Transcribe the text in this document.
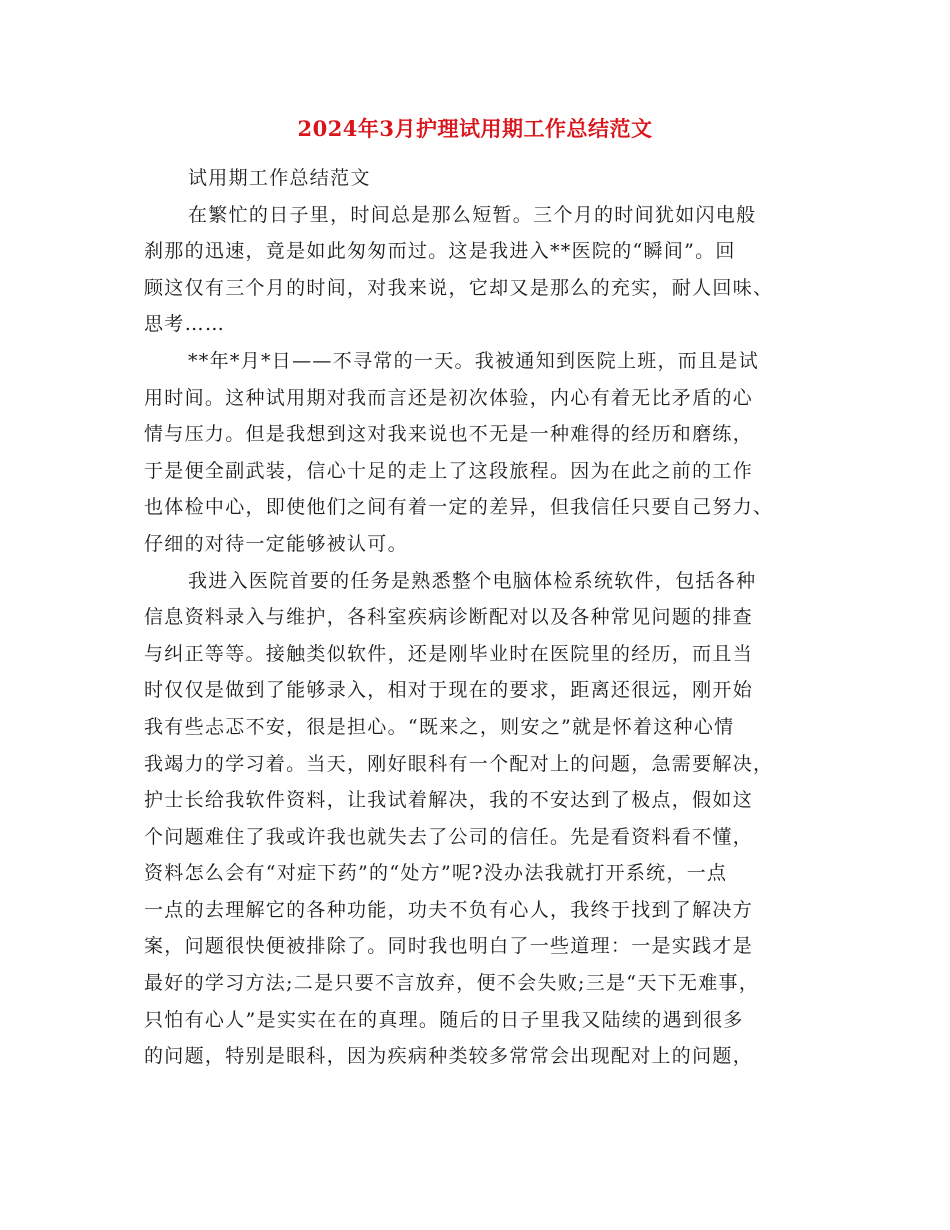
2024年3月护理试用期工作总结范文
试用期工作总结范文
在繁忙的日子里，时间总是那么短暂。三个月的时间犹如闪电般
刹那的迅速，竟是如此匆匆而过。这是我进入**医院的“瞬间”。回
顾这仅有三个月的时间，对我来说，它却又是那么的充实，耐人回味、
思考……
**年*月*日——不寻常的一天。我被通知到医院上班，而且是试
用时间。这种试用期对我而言还是初次体验，内心有着无比矛盾的心
情与压力。但是我想到这对我来说也不无是一种难得的经历和磨练，
于是便全副武装，信心十足的走上了这段旅程。因为在此之前的工作
也体检中心，即使他们之间有着一定的差异，但我信任只要自己努力、
仔细的对待一定能够被认可。
我进入医院首要的任务是熟悉整个电脑体检系统软件，包括各种
信息资料录入与维护，各科室疾病诊断配对以及各种常见问题的排查
与纠正等等。接触类似软件，还是刚毕业时在医院里的经历，而且当
时仅仅是做到了能够录入，相对于现在的要求，距离还很远，刚开始
我有些忐忑不安，很是担心。“既来之，则安之”就是怀着这种心情
我竭力的学习着。当天，刚好眼科有一个配对上的问题，急需要解决，
护士长给我软件资料，让我试着解决，我的不安达到了极点，假如这
个问题难住了我或许我也就失去了公司的信任。先是看资料看不懂，
资料怎么会有“对症下药”的“处方”呢?没办法我就打开系统，一点
一点的去理解它的各种功能，功夫不负有心人，我终于找到了解决方
案，问题很快便被排除了。同时我也明白了一些道理：一是实践才是
最好的学习方法;二是只要不言放弃，便不会失败;三是“天下无难事，
只怕有心人”是实实在在的真理。随后的日子里我又陆续的遇到很多
的问题，特别是眼科，因为疾病种类较多常常会出现配对上的问题，
